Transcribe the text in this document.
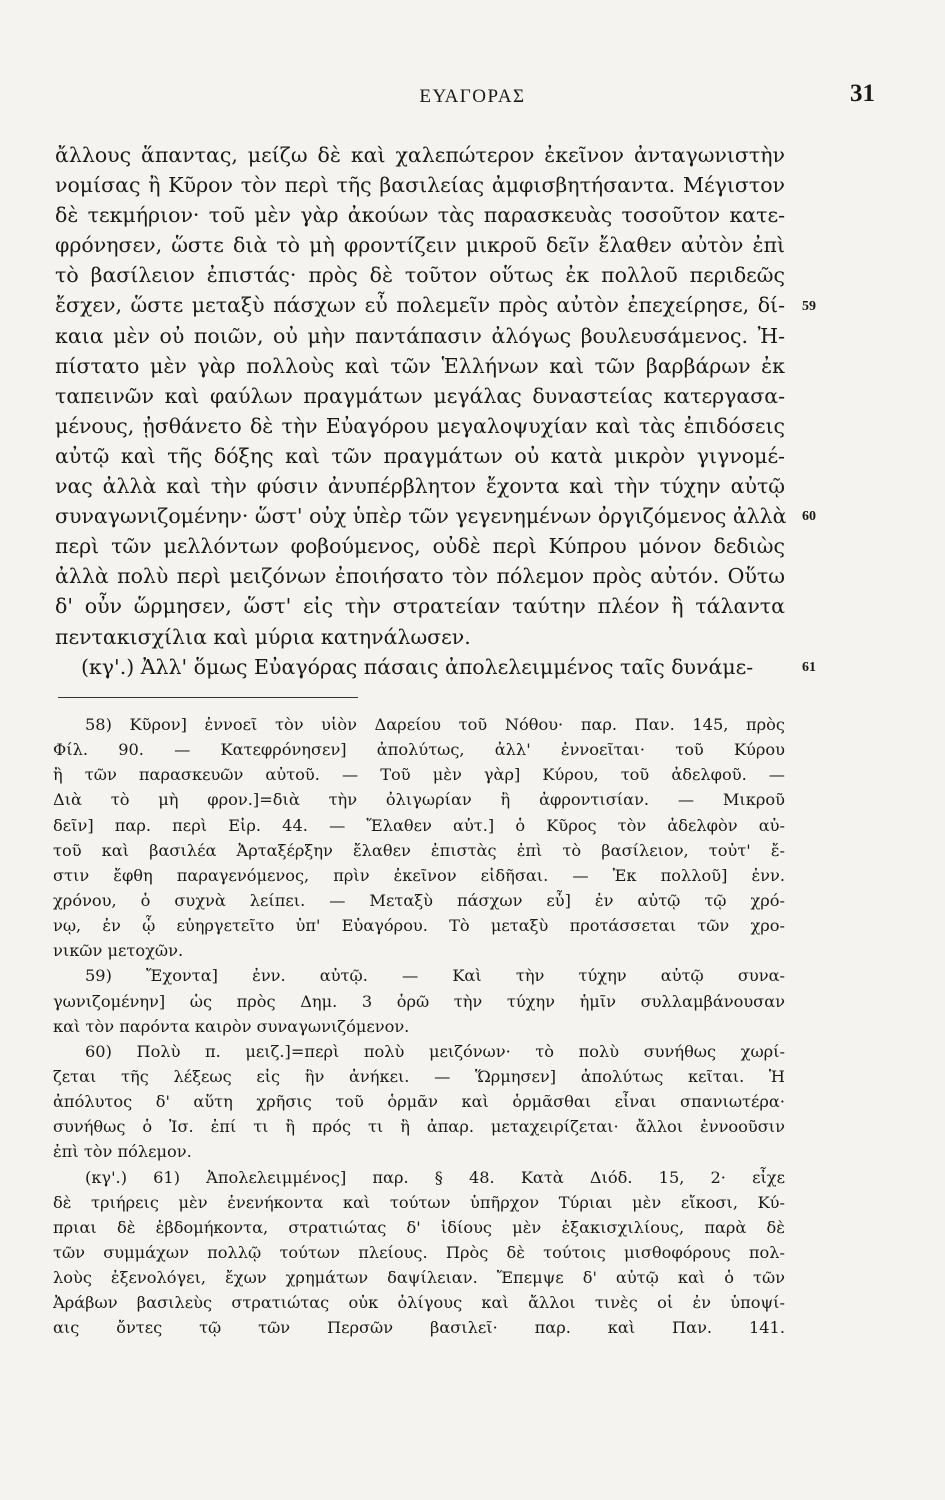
ΕΥΑΓΟΡΑΣ	31
ἄλλους ἅπαντας, μείζω δὲ καὶ χαλεπώτερον ἐκεῖνον ἀνταγωνιστὴν
νομίσας ἢ Κῦρον τὸν περὶ τῆς βασιλείας ἀμφισβητήσαντα. Μέγιστον
δὲ τεκμήριον· τοῦ μὲν γὰρ ἀκούων τὰς παρασκευὰς τοσοῦτον κατε-
φρόνησεν, ὥστε διὰ τὸ μὴ φροντίζειν μικροῦ δεῖν ἔλαθεν αὐτὸν ἐπὶ
τὸ βασίλειον ἐπιστάς· πρὸς δὲ τοῦτον οὕτως ἐκ πολλοῦ περιδεῶς
ἔσχεν, ὥστε μεταξὺ πάσχων εὖ πολεμεῖν πρὸς αὐτὸν ἐπεχείρησε, δί-
καια μὲν οὐ ποιῶν, οὐ μὴν παντάπασιν ἀλόγως βουλευσάμενος. Ἠ-
πίστατο μὲν γὰρ πολλοὺς καὶ τῶν Ἑλλήνων καὶ τῶν βαρβάρων ἐκ
ταπεινῶν καὶ φαύλων πραγμάτων μεγάλας δυναστείας κατεργασα-
μένους, ᾐσθάνετο δὲ τὴν Εὐαγόρου μεγαλοψυχίαν καὶ τὰς ἐπιδόσεις
αὐτῷ καὶ τῆς δόξης καὶ τῶν πραγμάτων οὐ κατὰ μικρὸν γιγνομέ-
νας ἀλλὰ καὶ τὴν φύσιν ἀνυπέρβλητον ἔχοντα καὶ τὴν τύχην αὐτῷ
συναγωνιζομένην· ὥστ' οὐχ ὑπὲρ τῶν γεγενημένων ὀργιζόμενος ἀλλὰ
περὶ τῶν μελλόντων φοβούμενος, οὐδὲ περὶ Κύπρου μόνον δεδιὼς
ἀλλὰ πολὺ περὶ μειζόνων ἐποιήσατο τὸν πόλεμον πρὸς αὐτόν. Οὕτω
δ' οὖν ὥρμησεν, ὥστ' εἰς τὴν στρατείαν ταύτην πλέον ἢ τάλαντα
πεντακισχίλια καὶ μύρια κατηνάλωσεν.
(κγ'.) Ἀλλ' ὅμως Εὐαγόρας πάσαις ἀπολελειμμένος ταῖς δυνάμε-
59
60
61
58) Κῦρον] ἐννοεῖ τὸν υἱὸν Δαρείου τοῦ Νόθου· παρ. Παν. 145, πρὸς
Φίλ. 90. — Κατεφρόνησεν] ἀπολύτως, ἀλλ' ἐννοεῖται· τοῦ Κύρου
ἢ τῶν παρασκευῶν αὐτοῦ. — Τοῦ μὲν γὰρ] Κύρου, τοῦ ἀδελφοῦ. —
Διὰ τὸ μὴ φρον.]=διὰ τὴν ὀλιγωρίαν ἢ ἀφροντισίαν. — Μικροῦ
δεῖν] παρ. περὶ Εἰρ. 44. — Ἔλαθεν αὐτ.] ὁ Κῦρος τὸν ἀδελφὸν αὐ-
τοῦ καὶ βασιλέα Ἀρταξέρξην ἔλαθεν ἐπιστὰς ἐπὶ τὸ βασίλειον, τοὐτ' ἔ-
στιν ἔφθη παραγενόμενος, πρὶν ἐκεῖνον εἰδῆσαι. — Ἐκ πολλοῦ] ἐνν.
χρόνου, ὁ συχνὰ λείπει. — Μεταξὺ πάσχων εὖ] ἐν αὐτῷ τῷ χρό-
νῳ, ἐν ᾧ εὐηργετεῖτο ὑπ' Εὐαγόρου. Τὸ μεταξὺ προτάσσεται τῶν χρο-
νικῶν μετοχῶν.
59) Ἔχοντα] ἐνν. αὐτῷ. — Καὶ τὴν τύχην αὐτῷ συνα-
γωνιζομένην] ὡς πρὸς Δημ. 3 ὁρῶ τὴν τύχην ἡμῖν συλλαμβάνουσαν
καὶ τὸν παρόντα καιρὸν συναγωνιζόμενον.
60) Πολὺ π. μειζ.]=περὶ πολὺ μειζόνων· τὸ πολὺ συνήθως χωρί-
ζεται τῆς λέξεως εἰς ἣν ἀνήκει. — Ὥρμησεν] ἀπολύτως κεῖται. Ἡ
ἀπόλυτος δ' αὕτη χρῆσις τοῦ ὁρμᾶν καὶ ὁρμᾶσθαι εἶναι σπανιωτέρα·
συνήθως ὁ Ἰσ. ἐπί τι ἢ πρός τι ἢ ἀπαρ. μεταχειρίζεται· ἄλλοι ἐννοοῦσιν
ἐπὶ τὸν πόλεμον.
(κγ'.) 61) Ἀπολελειμμένος] παρ. § 48. Κατὰ Διόδ. 15, 2· εἶχε
δὲ τριήρεις μὲν ἐνενήκοντα καὶ τούτων ὑπῆρχον Τύριαι μὲν εἴκοσι, Κύ-
πριαι δὲ ἑβδομήκοντα, στρατιώτας δ' ἰδίους μὲν ἑξακισχιλίους, παρὰ δὲ
τῶν συμμάχων πολλῷ τούτων πλείους. Πρὸς δὲ τούτοις μισθοφόρους πολ-
λοὺς ἐξενολόγει, ἔχων χρημάτων δαψίλειαν. Ἔπεμψε δ' αὐτῷ καὶ ὁ τῶν
Ἀράβων βασιλεὺς στρατιώτας οὐκ ὀλίγους καὶ ἄλλοι τινὲς οἱ ἐν ὑποψί-
αις ὄντες τῷ τῶν Περσῶν βασιλεῖ· παρ. καὶ Παν. 141.
